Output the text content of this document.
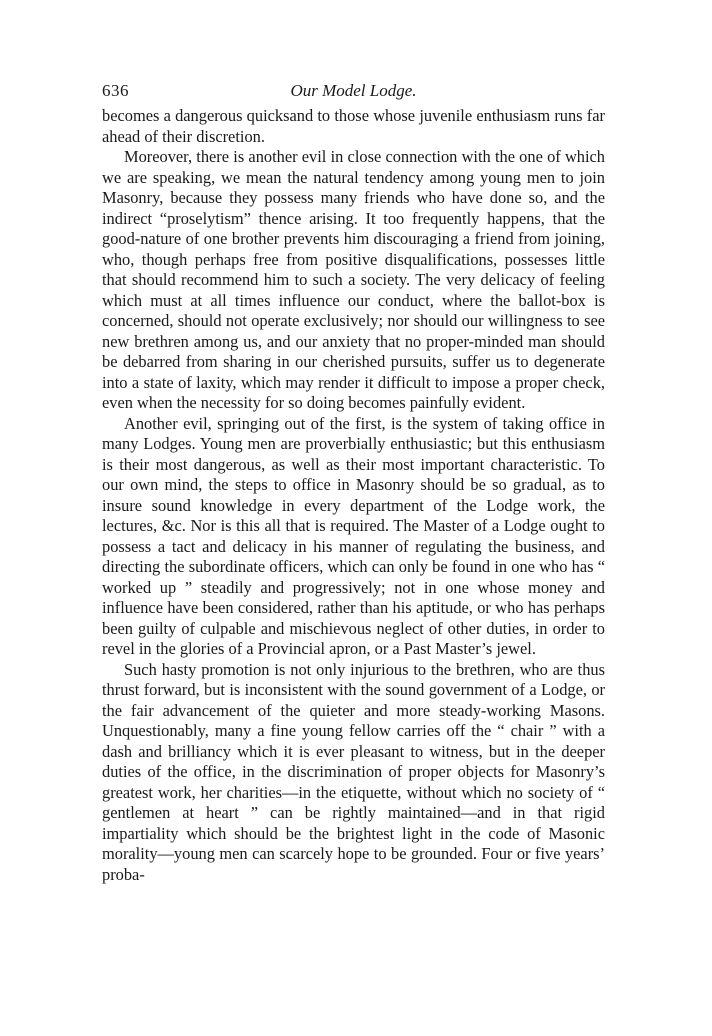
636	Our Model Lodge.

becomes a dangerous quicksand to those whose juvenile enthusiasm runs far ahead of their discretion.

Moreover, there is another evil in close connection with the one of which we are speaking, we mean the natural tendency among young men to join Masonry, because they possess many friends who have done so, and the indirect “proselytism” thence arising. It too frequently happens, that the good-nature of one brother prevents him discouraging a friend from joining, who, though perhaps free from positive disqualifications, possesses little that should recommend him to such a society. The very delicacy of feeling which must at all times influence our conduct, where the ballot-box is concerned, should not operate exclusively; nor should our willingness to see new brethren among us, and our anxiety that no proper-minded man should be debarred from sharing in our cherished pursuits, suffer us to degenerate into a state of laxity, which may render it difficult to impose a proper check, even when the necessity for so doing becomes painfully evident.

Another evil, springing out of the first, is the system of taking office in many Lodges. Young men are proverbially enthusiastic; but this enthusiasm is their most dangerous, as well as their most important characteristic. To our own mind, the steps to office in Masonry should be so gradual, as to insure sound knowledge in every department of the Lodge work, the lectures, &c. Nor is this all that is required. The Master of a Lodge ought to possess a tact and delicacy in his manner of regulating the business, and directing the subordinate officers, which can only be found in one who has “ worked up ” steadily and progressively; not in one whose money and influence have been considered, rather than his aptitude, or who has perhaps been guilty of culpable and mischievous neglect of other duties, in order to revel in the glories of a Provincial apron, or a Past Master’s jewel.

Such hasty promotion is not only injurious to the brethren, who are thus thrust forward, but is inconsistent with the sound government of a Lodge, or the fair advancement of the quieter and more steady-working Masons. Unquestionably, many a fine young fellow carries off the “ chair ” with a dash and brilliancy which it is ever pleasant to witness, but in the deeper duties of the office, in the discrimination of proper objects for Masonry’s greatest work, her charities—in the etiquette, without which no society of “ gentlemen at heart ” can be rightly maintained—and in that rigid impartiality which should be the brightest light in the code of Masonic morality—young men can scarcely hope to be grounded. Four or five years’ proba-
